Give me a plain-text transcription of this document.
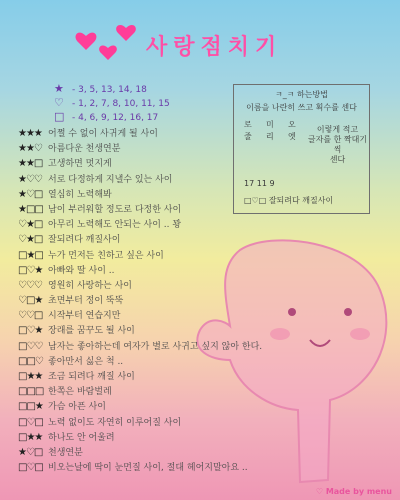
사랑점치기
★ - 3, 5, 13, 14, 18
♡ - 1, 2, 7, 8, 10, 11, 15
□ - 4, 6, 9, 12, 16, 17
ㅋ_ㅋ 하는방법
이름을 나란히 쓰고 획수를 센다
로 미 오
줄 리 엣
이렇게 적고
글자를 한 짝대기씩
센다
17 11 9
□♡□ 잘되려다 깨질사이
★★★ 어쩔 수 없이 사귀게 될 사이
★★♡ 아름다운 천생연분
★★□ 고생하면 멋지게
★♡♡ 서로 다정하게 지낼수 있는 사이
★♡□ 열심히 노력해봐
★□□ 남이 부러워할 정도로 다정한 사이
♡★□ 아무리 노력해도 안되는 사이 .. 꽝
♡★□ 잘되려다 깨질사이
□★□ 누가 먼저든 친하고 싶은 사이
□♡★ 아빠와 딸 사이 ..
♡♡♡ 영원히 사랑하는 사이
♡□★ 초면부터 정이 뚝뚝
♡♡□ 시작부터 연습지만
□♡★ 장래를 꿈꾸도 될 사이
□♡♡ 남자는 좋아하는데 여자가 별로 사귀고 싶지 않아 한다.
□□♡ 좋아만서 싫은 척 ..
□★★ 조금 되려다 깨질 사이
□□□ 한쪽은 바람벌레
□□★ 가슴 아픈 사이
□♡□ 노력 없이도 자연히 이루어질 사이
□★★ 하나도 안 어울려
★♡□ 천생연분
□♡□ 비오는날에 딱이 눈먼질 사이, 절대 헤어지말아요 ..
♡ Made by menu
